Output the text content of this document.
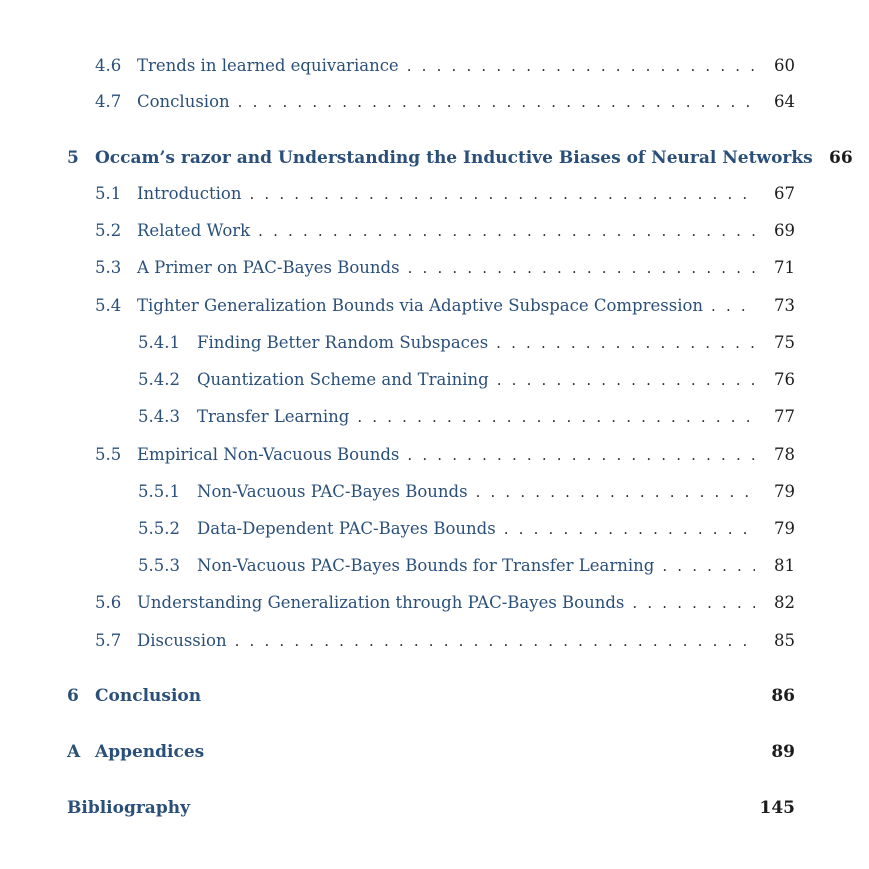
4.6 Trends in learned equivariance . . .	60
4.7 Conclusion . . .	64
5 Occam’s razor and Understanding the Inductive Biases of Neural Networks 66
5.1 Introduction . . .	67
5.2 Related Work . . .	69
5.3 A Primer on PAC-Bayes Bounds . . .	71
5.4 Tighter Generalization Bounds via Adaptive Subspace Compression . . .	73
5.4.1	Finding Better Random Subspaces . . .	75
5.4.2	Quantization Scheme and Training . . .	76
5.4.3	Transfer Learning . . .	77
5.5 Empirical Non-Vacuous Bounds . . .	78
5.5.1	Non-Vacuous PAC-Bayes Bounds . . .	79
5.5.2	Data-Dependent PAC-Bayes Bounds . . .	79
5.5.3	Non-Vacuous PAC-Bayes Bounds for Transfer Learning . . .	81
5.6 Understanding Generalization through PAC-Bayes Bounds . . .	82
5.7 Discussion . . .	85
6 Conclusion	86
A Appendices	89
Bibliography	145
